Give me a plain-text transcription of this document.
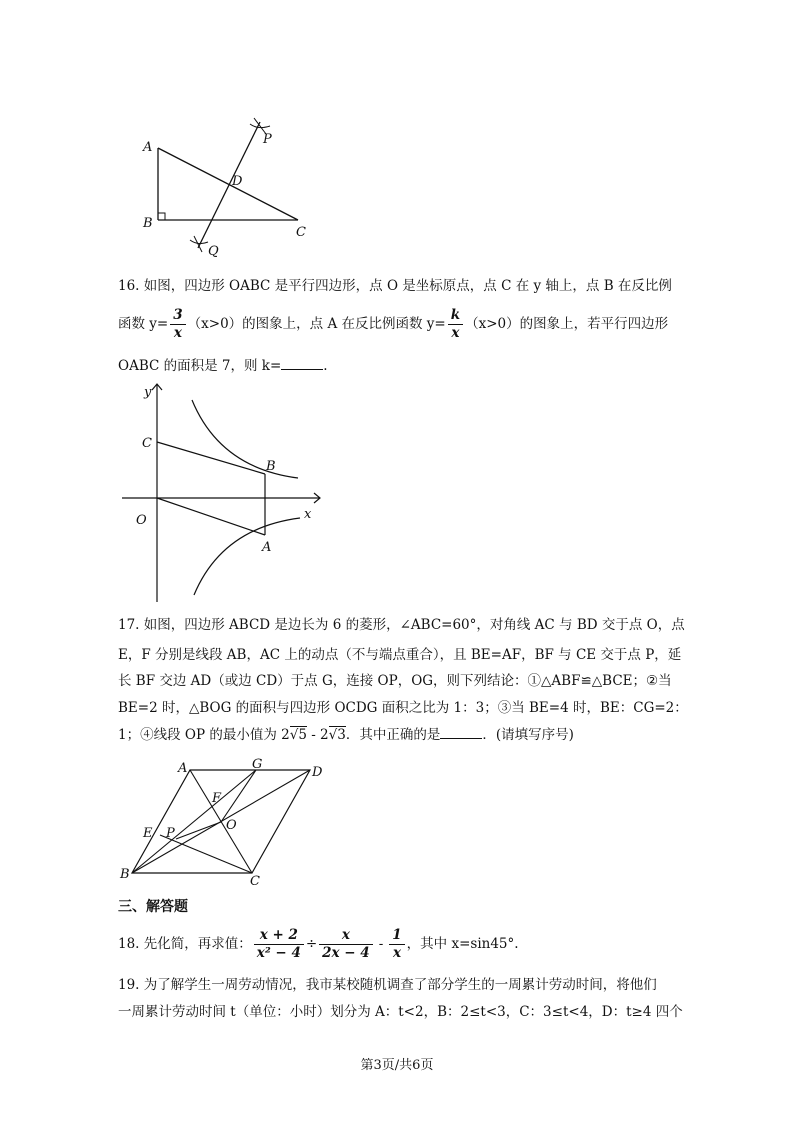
A
P
D
B
C
Q
16. 如图，四边形 OABC 是平行四边形，点 O 是坐标原点，点 C 在 y 轴上，点 B 在反比例
函数 $y= \frac{3}{x} (x>0)$的图象上，点 A 在反比例函数 $y= \frac{k}{x} (x>0)$的图象上，若平行四边形
OABC 的面积是 7，则 k=	.
y
C
B
O	x
A
17. 如图，四边形 ABCD 是边长为 6 的菱形，∠ABC=60°，对角线 AC 与 BD 交于点 O，点
E，F 分别是线段 AB，AC 上的动点（不与端点重合），且 BE=AF，BF 与 CE 交于点 P，延
长 BF 交边 AD（或边 CD）于点 G，连接 OP，OG，则下列结论：①△ABF≌△BCE；②当
BE=2 时，△BOG 的面积与四边形 OCDG 面积之比为 1：3；③当 BE=4 时，BE：CG=2：
1；④线段 OP 的最小值为 2√5 - 2√3．其中正确的是	．(请填写序号)
A	G
D
F
O
E P
B	C
三、解答题
18. 先化简，再求值： $\frac{x + 2}{\text{x² − 4}} \div \frac{x}{2x - 4} - \frac{1}{x}$ ，其中 x=sin45°.
19. 为了解学生一周劳动情况，我市某校随机调查了部分学生的一周累计劳动时间，将他们
一周累计劳动时间 t（单位：小时）划分为 A：t<2，B：2≤t<3，C：3≤t<4，D：t≥4 四个
第3页/共6页
